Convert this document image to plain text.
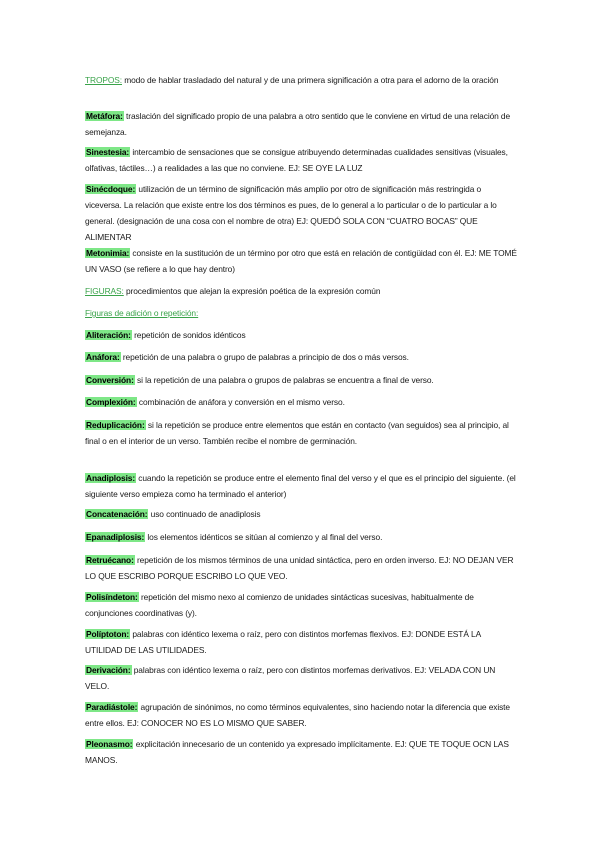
TROPOS: modo de hablar trasladado del natural y de una primera significación a otra para el adorno de la oración
Metáfora: traslación del significado propio de una palabra a otro sentido que le conviene en virtud de una relación de semejanza.
Sinestesia: intercambio de sensaciones que se consigue atribuyendo determinadas cualidades sensitivas (visuales, olfativas, táctiles…) a realidades a las que no conviene. EJ: SE OYE LA LUZ
Sinécdoque: utilización de un término de significación más amplio por otro de significación más restringida o viceversa. La relación que existe entre los dos términos es pues, de lo general a lo particular o de lo particular a lo general. (designación de una cosa con el nombre de otra) EJ: QUEDÓ SOLA CON “CUATRO BOCAS” QUE ALIMENTAR
Metonimia: consiste en la sustitución de un término por otro que está en relación de contigüidad con él. EJ: ME TOMÉ UN VASO (se refiere a lo que hay dentro)
FIGURAS: procedimientos que alejan la expresión poética de la expresión común
Figuras de adición o repetición:
Aliteración: repetición de sonidos idénticos
Anáfora: repetición de una palabra o grupo de palabras a principio de dos o más versos.
Conversión: si la repetición de una palabra o grupos de palabras se encuentra a final de verso.
Complexión: combinación de anáfora y conversión en el mismo verso.
Reduplicación: si la repetición se produce entre elementos que están en contacto (van seguidos) sea al principio, al final o en el interior de un verso. También recibe el nombre de germinación.
Anadiplosis: cuando la repetición se produce entre el elemento final del verso y el que es el principio del siguiente. (el siguiente verso empieza como ha terminado el anterior)
Concatenación: uso continuado de anadiplosis
Epanadiplosis: los elementos idénticos se sitúan al comienzo y al final del verso.
Retruécano: repetición de los mismos términos de una unidad sintáctica, pero en orden inverso. EJ: NO DEJAN VER LO QUE ESCRIBO PORQUE ESCRIBO LO QUE VEO.
Polisíndeton: repetición del mismo nexo al comienzo de unidades sintácticas sucesivas, habitualmente de conjunciones coordinativas (y).
Políptoton: palabras con idéntico lexema o raíz, pero con distintos morfemas flexivos. EJ: DONDE ESTÁ LA UTILIDAD DE LAS UTILIDADES.
Derivación: palabras con idéntico lexema o raíz, pero con distintos morfemas derivativos. EJ: VELADA CON UN VELO.
Paradiástole: agrupación de sinónimos, no como términos equivalentes, sino haciendo notar la diferencia que existe entre ellos. EJ: CONOCER NO ES LO MISMO QUE SABER.
Pleonasmo: explicitación innecesario de un contenido ya expresado implícitamente. EJ: QUE TE TOQUE OCN LAS MANOS.
